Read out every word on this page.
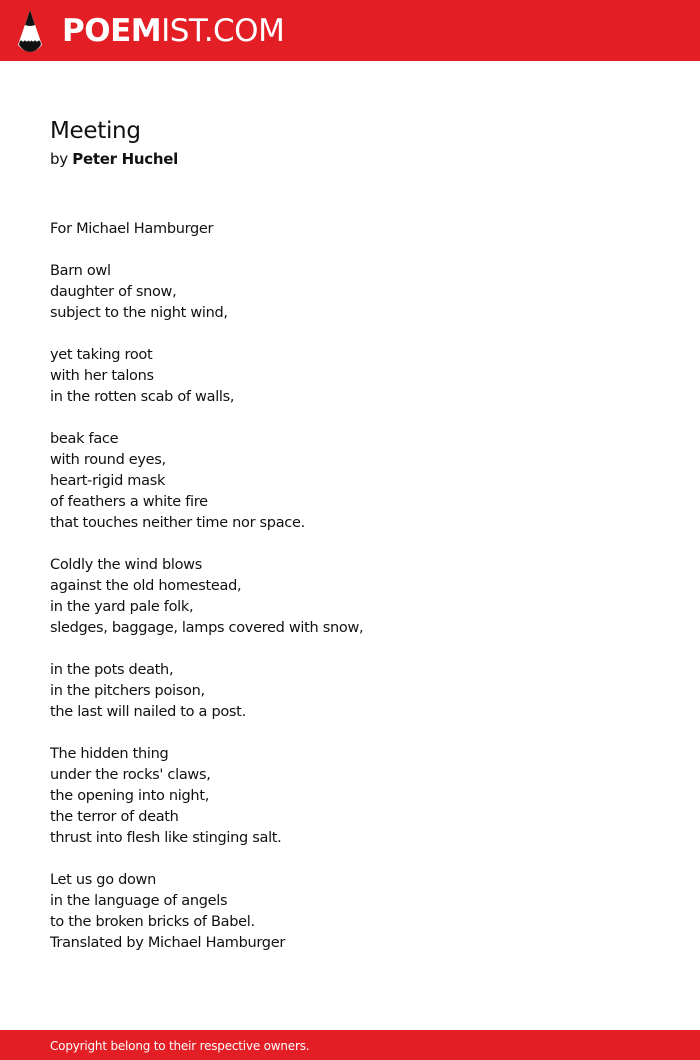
POEMIST.COM
Meeting
by Peter Huchel
For Michael Hamburger
Barn owl
daughter of snow,
subject to the night wind,
yet taking root
with her talons
in the rotten scab of walls,
beak face
with round eyes,
heart-rigid mask
of feathers a white fire
that touches neither time nor space.
Coldly the wind blows
against the old homestead,
in the yard pale folk,
sledges, baggage, lamps covered with snow,
in the pots death,
in the pitchers poison,
the last will nailed to a post.
The hidden thing
under the rocks' claws,
the opening into night,
the terror of death
thrust into flesh like stinging salt.
Let us go down
in the language of angels
to the broken bricks of Babel.
Translated by Michael Hamburger
Copyright belong to their respective owners.
